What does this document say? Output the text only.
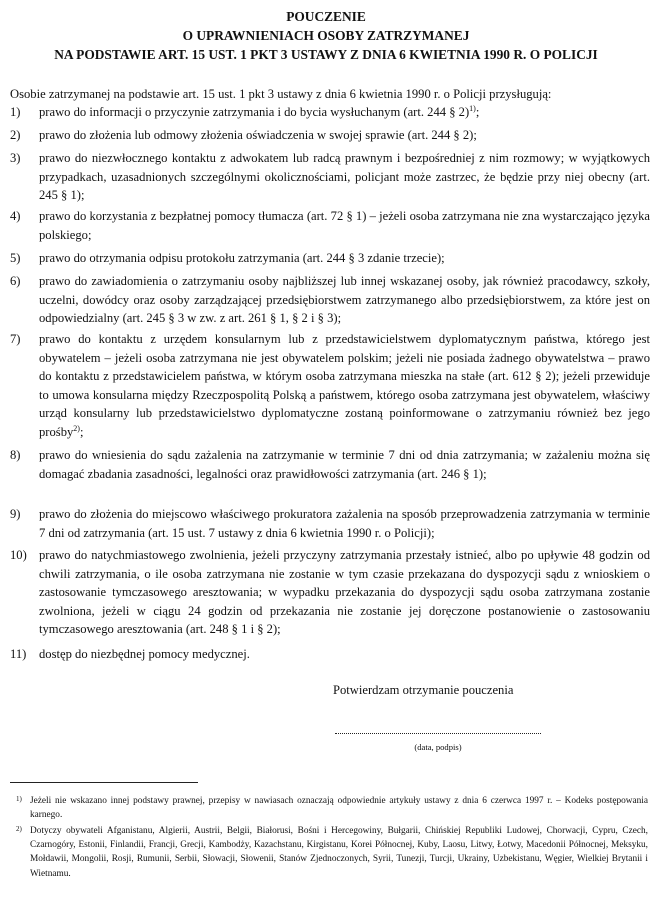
POUCZENIE
O UPRAWNIENIACH OSOBY ZATRZYMANEJ
NA PODSTAWIE ART. 15 UST. 1 PKT 3 USTAWY Z DNIA 6 KWIETNIA 1990 R. O POLICJI
Osobie zatrzymanej na podstawie art. 15 ust. 1 pkt 3 ustawy z dnia 6 kwietnia 1990 r. o Policji przysługują:
1)	prawo do informacji o przyczynie zatrzymania i do bycia wysłuchanym (art. 244 § 2)$^{1)}$;
2)	prawo do złożenia lub odmowy złożenia oświadczenia w swojej sprawie (art. 244 § 2);
3)	prawo do niezwłocznego kontaktu z adwokatem lub radcą prawnym i bezpośredniej z nim rozmowy; w wyjątkowych przypadkach, uzasadnionych szczególnymi okolicznościami, policjant może zastrzec, że będzie przy niej obecny (art. 245 § 1);
4)	prawo do korzystania z bezpłatnej pomocy tłumacza (art. 72 § 1) – jeżeli osoba zatrzymana nie zna wystarczająco języka polskiego;
5)	prawo do otrzymania odpisu protokołu zatrzymania (art. 244 § 3 zdanie trzecie);
6)	prawo do zawiadomienia o zatrzymaniu osoby najbliższej lub innej wskazanej osoby, jak również pracodawcy, szkoły, uczelni, dowódcy oraz osoby zarządzającej przedsiębiorstwem zatrzymanego albo przedsiębiorstwem, za które jest on odpowiedzialny (art. 245 § 3 w zw. z art. 261 § 1, § 2 i § 3);
7)	prawo do kontaktu z urzędem konsularnym lub z przedstawicielstwem dyplomatycznym państwa, którego jest obywatelem – jeżeli osoba zatrzymana nie jest obywatelem polskim; jeżeli nie posiada żadnego obywatelstwa – prawo do kontaktu z przedstawicielem państwa, w którym osoba zatrzymana mieszka na stałe (art. 612 § 2); jeżeli przewiduje to umowa konsularna między Rzeczpospolitą Polską a państwem, którego osoba zatrzymana jest obywatelem, właściwy urząd konsularny lub przedstawicielstwo dyplomatyczne zostaną poinformowane o zatrzymaniu również bez jego prośby$^{2)}$;
8)	prawo do wniesienia do sądu zażalenia na zatrzymanie w terminie 7 dni od dnia zatrzymania; w zażaleniu można się domagać zbadania zasadności, legalności oraz prawidłowości zatrzymania (art. 246 § 1);
9)	prawo do złożenia do miejscowo właściwego prokuratora zażalenia na sposób przeprowadzenia zatrzymania w terminie 7 dni od zatrzymania (art. 15 ust. 7 ustawy z dnia 6 kwietnia 1990 r. o Policji);
10) prawo do natychmiastowego zwolnienia, jeżeli przyczyny zatrzymania przestały istnieć, albo po upływie 48 godzin od chwili zatrzymania, o ile osoba zatrzymana nie zostanie w tym czasie przekazana do dyspozycji sądu z wnioskiem o zastosowanie tymczasowego aresztowania; w wypadku przekazania do dyspozycji sądu osoba zatrzymana zostanie zwolniona, jeżeli w ciągu 24 godzin od przekazania nie zostanie jej doręczone postanowienie o zastosowaniu tymczasowego aresztowania (art. 248 § 1 i § 2);
11)	dostęp do niezbędnej pomocy medycznej.
Potwierdzam otrzymanie pouczenia
(data, podpis)
1) Jeżeli nie wskazano innej podstawy prawnej, przepisy w nawiasach oznaczają odpowiednie artykuły ustawy z dnia 6 czerwca 1997 r. – Kodeks postępowania karnego.
2) Dotyczy obywateli Afganistanu, Algierii, Austrii, Belgii, Białorusi, Bośni i Hercegowiny, Bułgarii, Chińskiej Republiki Ludowej, Chorwacji, Cypru, Czech, Czarnogóry, Estonii, Finlandii, Francji, Grecji, Kambodży, Kazachstanu, Kirgistanu, Korei Północnej, Kuby, Laosu, Litwy, Łotwy, Macedonii Północnej, Meksyku, Mołdawii, Mongolii, Rosji, Rumunii, Serbii, Słowacji, Słowenii, Stanów Zjednoczonych, Syrii, Tunezji, Turcji, Ukrainy, Uzbekistanu, Węgier, Wielkiej Brytanii i Wietnamu.
